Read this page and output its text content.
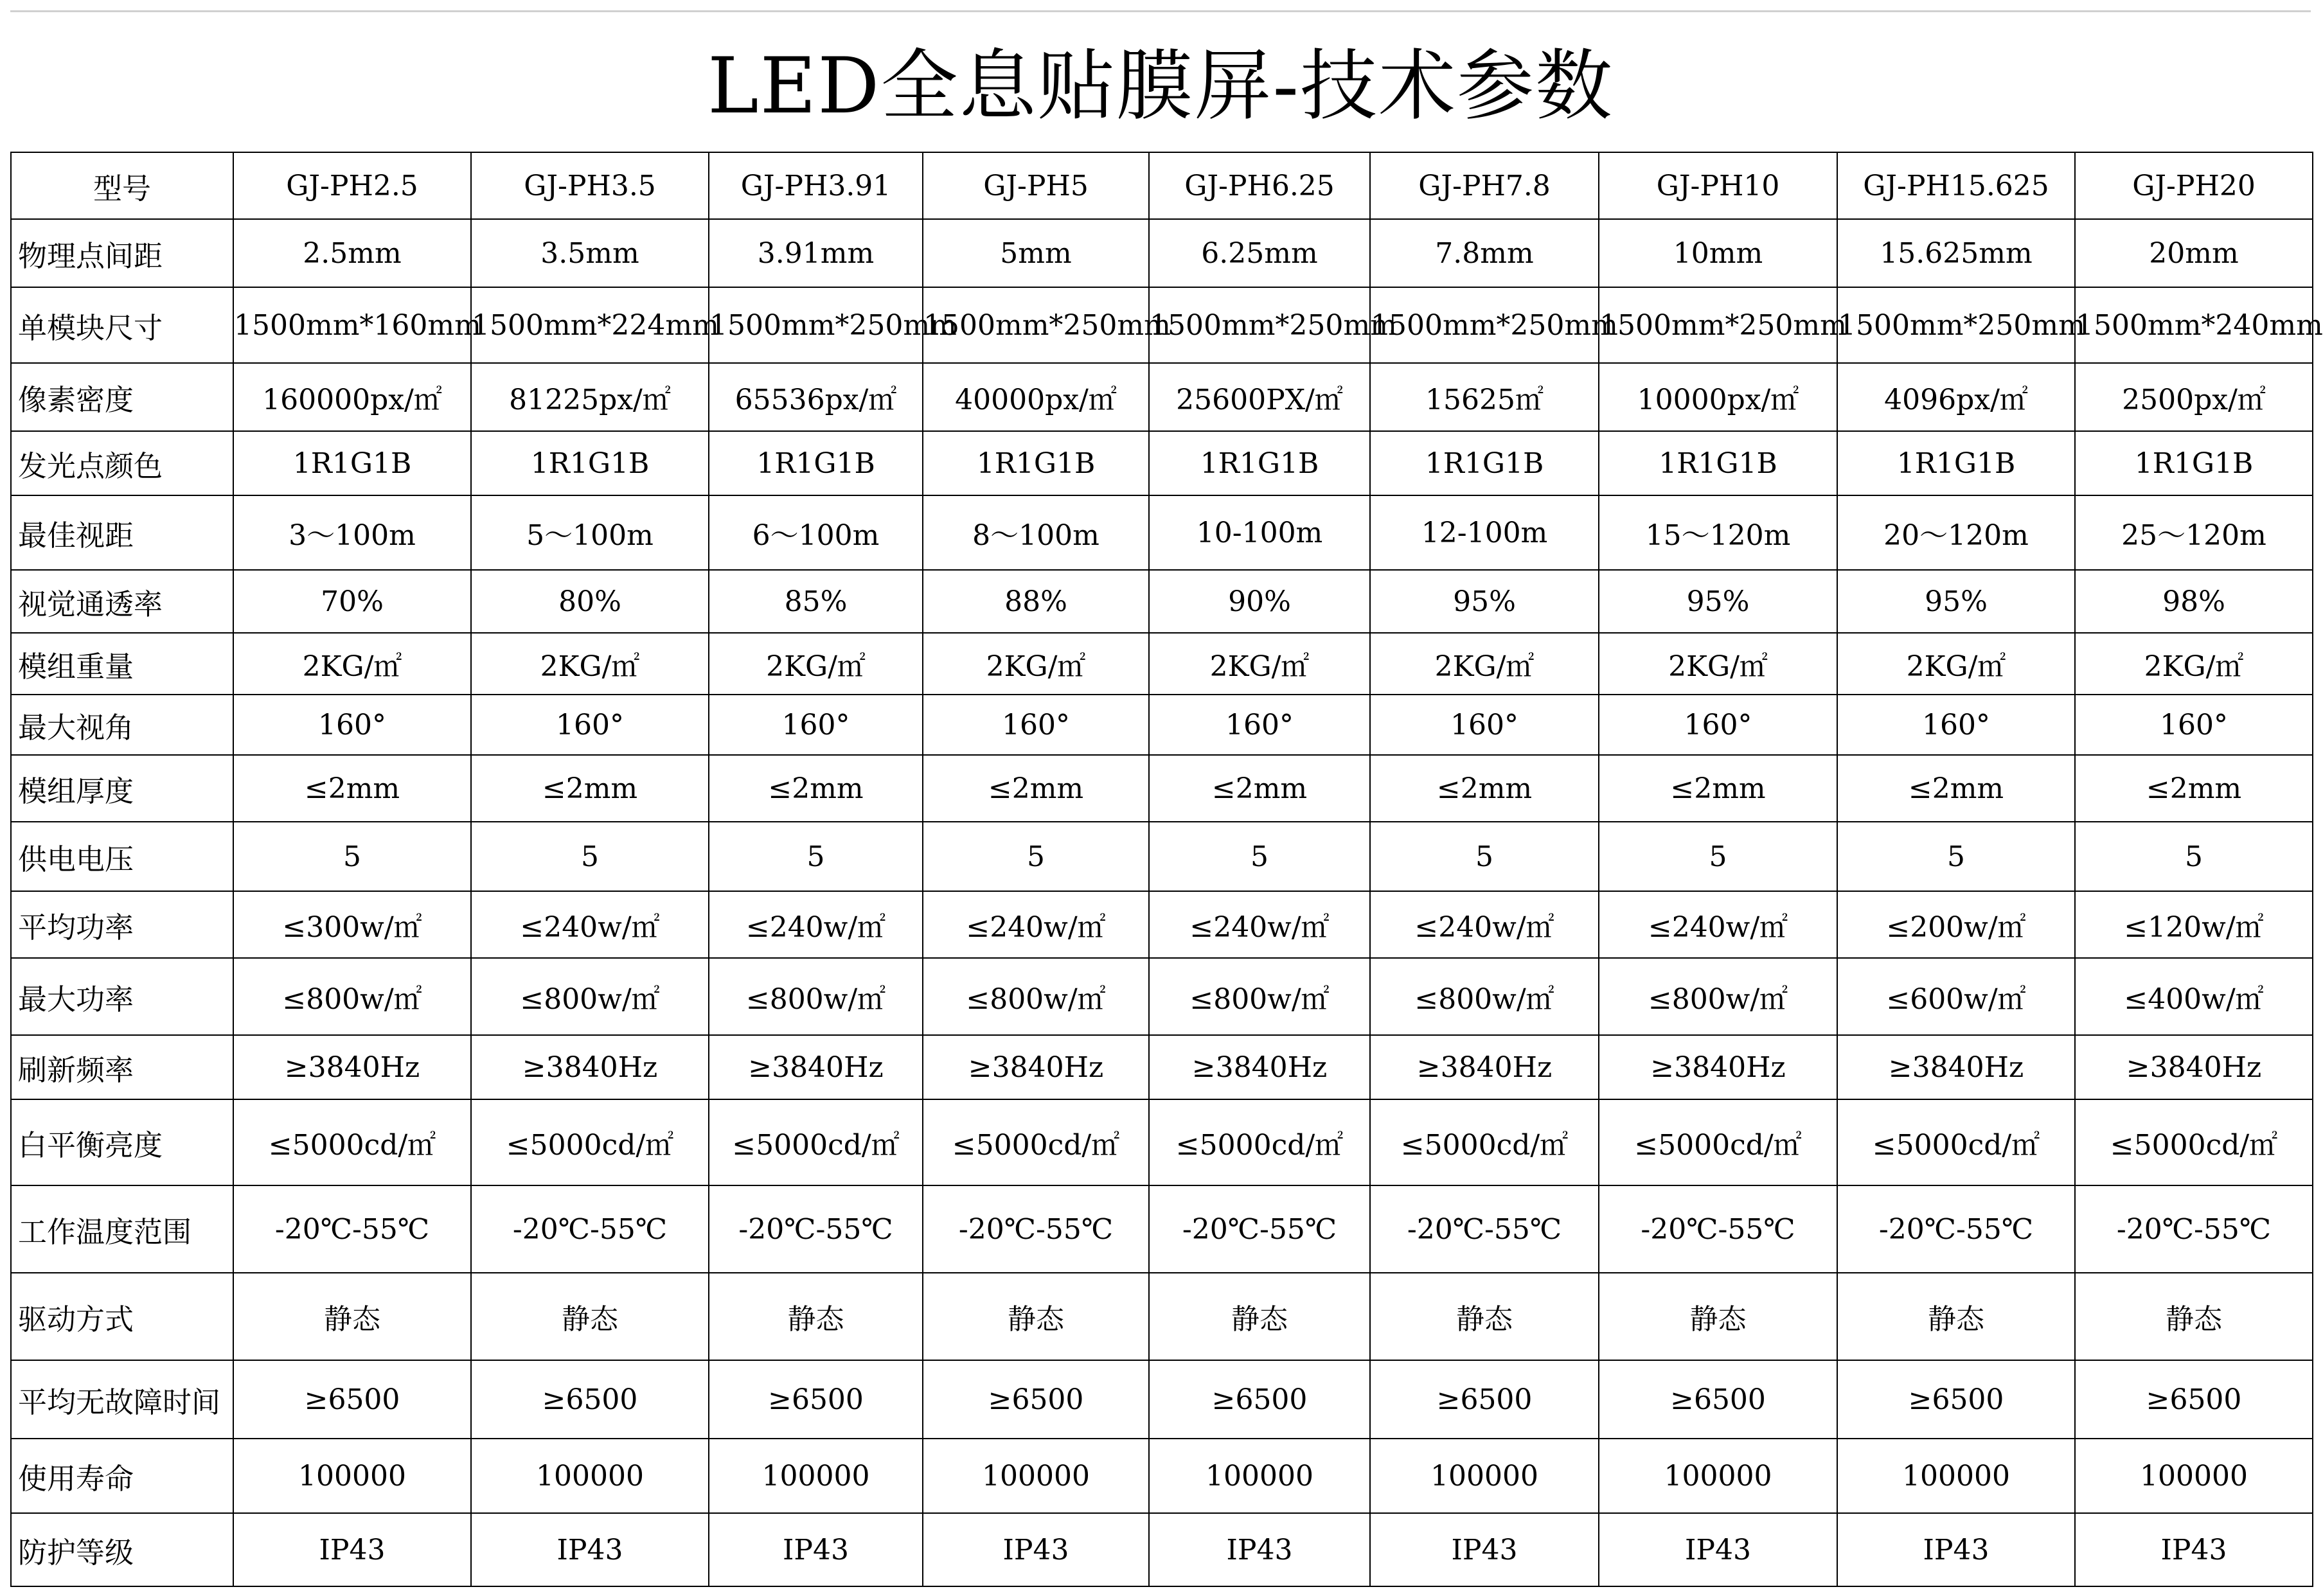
LED全息贴膜屏-技术参数
型号	GJ-PH2.5	GJ-PH3.5	GJ-PH3.91	GJ-PH5	GJ-PH6.25	GJ-PH7.8	GJ-PH10	GJ-PH15.625	GJ-PH20
物理点间距	2.5mm	3.5mm	3.91mm	5mm	6.25mm	7.8mm	10mm	15.625mm	20mm
单模块尺寸	1500mm*160mm	1500mm*224mm	1500mm*250mm	1500mm*250mm	1500mm*250mm	1500mm*250mm	1500mm*250mm	1500mm*250mm	1500mm*240mm
像素密度	160000px/㎡	81225px/㎡	65536px/㎡	40000px/㎡	25600PX/㎡	15625㎡	10000px/㎡	4096px/㎡	2500px/㎡
发光点颜色	1R1G1B	1R1G1B	1R1G1B	1R1G1B	1R1G1B	1R1G1B	1R1G1B	1R1G1B	1R1G1B
最佳视距	3～100m	5～100m	6～100m	8～100m	10-100m	12-100m	15～120m	20～120m	25～120m
视觉通透率	70%	80%	85%	88%	90%	95%	95%	95%	98%
模组重量	2KG/㎡	2KG/㎡	2KG/㎡	2KG/㎡	2KG/㎡	2KG/㎡	2KG/㎡	2KG/㎡	2KG/㎡
最大视角	160°	160°	160°	160°	160°	160°	160°	160°	160°
模组厚度	≤2mm	≤2mm	≤2mm	≤2mm	≤2mm	≤2mm	≤2mm	≤2mm	≤2mm
供电电压	5	5	5	5	5	5	5	5	5
平均功率	≤300w/㎡	≤240w/㎡	≤240w/㎡	≤240w/㎡	≤240w/㎡	≤240w/㎡	≤240w/㎡	≤200w/㎡	≤120w/㎡
最大功率	≤800w/㎡	≤800w/㎡	≤800w/㎡	≤800w/㎡	≤800w/㎡	≤800w/㎡	≤800w/㎡	≤600w/㎡	≤400w/㎡
刷新频率	≥3840Hz	≥3840Hz	≥3840Hz	≥3840Hz	≥3840Hz	≥3840Hz	≥3840Hz	≥3840Hz	≥3840Hz
白平衡亮度	≤5000cd/㎡	≤5000cd/㎡	≤5000cd/㎡	≤5000cd/㎡	≤5000cd/㎡	≤5000cd/㎡	≤5000cd/㎡	≤5000cd/㎡	≤5000cd/㎡
工作温度范围	-20℃-55℃	-20℃-55℃	-20℃-55℃	-20℃-55℃	-20℃-55℃	-20℃-55℃	-20℃-55℃	-20℃-55℃	-20℃-55℃
驱动方式	静态	静态	静态	静态	静态	静态	静态	静态	静态
平均无故障时间	≥6500	≥6500	≥6500	≥6500	≥6500	≥6500	≥6500	≥6500	≥6500
使用寿命	100000	100000	100000	100000	100000	100000	100000	100000	100000
防护等级	IP43	IP43	IP43	IP43	IP43	IP43	IP43	IP43	IP43
